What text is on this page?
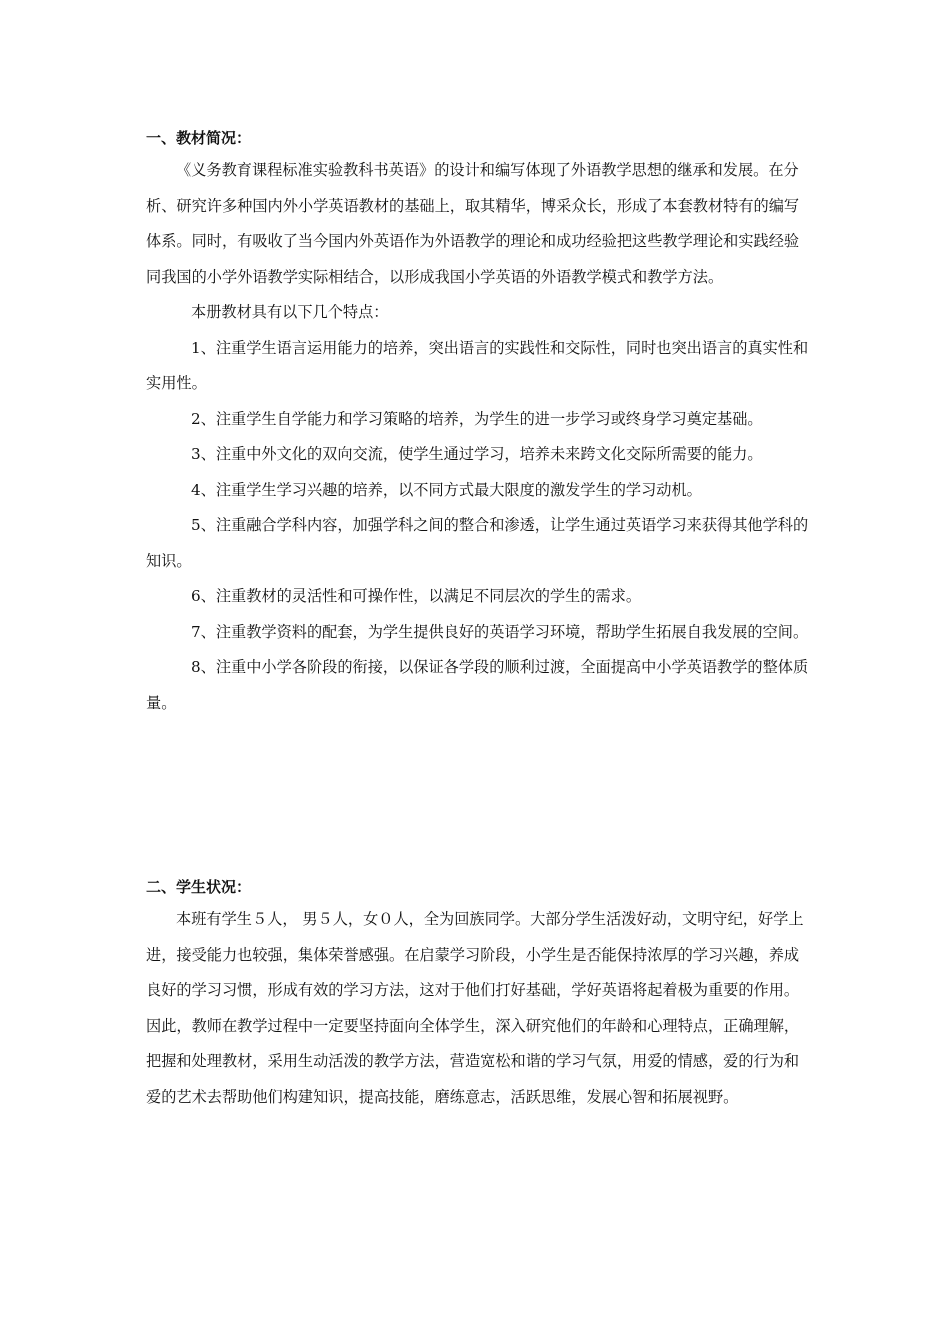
一、教材简况：

《义务教育课程标准实验教科书英语》的设计和编写体现了外语教学思想的继承和发展。在分析、研究许多种国内外小学英语教材的基础上，取其精华，博采众长，形成了本套教材特有的编写体系。同时，有吸收了当今国内外英语作为外语教学的理论和成功经验把这些教学理论和实践经验同我国的小学外语教学实际相结合，以形成我国小学英语的外语教学模式和教学方法。

本册教材具有以下几个特点：

1、注重学生语言运用能力的培养，突出语言的实践性和交际性，同时也突出语言的真实性和实用性。

2、注重学生自学能力和学习策略的培养，为学生的进一步学习或终身学习奠定基础。

3、注重中外文化的双向交流，使学生通过学习，培养未来跨文化交际所需要的能力。

4、注重学生学习兴趣的培养，以不同方式最大限度的激发学生的学习动机。

5、注重融合学科内容，加强学科之间的整合和渗透，让学生通过英语学习来获得其他学科的知识。

6、注重教材的灵活性和可操作性，以满足不同层次的学生的需求。

7、注重教学资料的配套，为学生提供良好的英语学习环境，帮助学生拓展自我发展的空间。

8、注重中小学各阶段的衔接，以保证各学段的顺利过渡，全面提高中小学英语教学的整体质量。

二、学生状况：

本班有学生５人， 男５人，女０人，全为回族同学。大部分学生活泼好动，文明守纪，好学上进，接受能力也较强，集体荣誉感强。在启蒙学习阶段，小学生是否能保持浓厚的学习兴趣，养成良好的学习习惯，形成有效的学习方法，这对于他们打好基础，学好英语将起着极为重要的作用。因此，教师在教学过程中一定要坚持面向全体学生，深入研究他们的年龄和心理特点，正确理解，把握和处理教材，采用生动活泼的教学方法，营造宽松和谐的学习气氛，用爱的情感，爱的行为和爱的艺术去帮助他们构建知识，提高技能，磨练意志，活跃思维，发展心智和拓展视野。
